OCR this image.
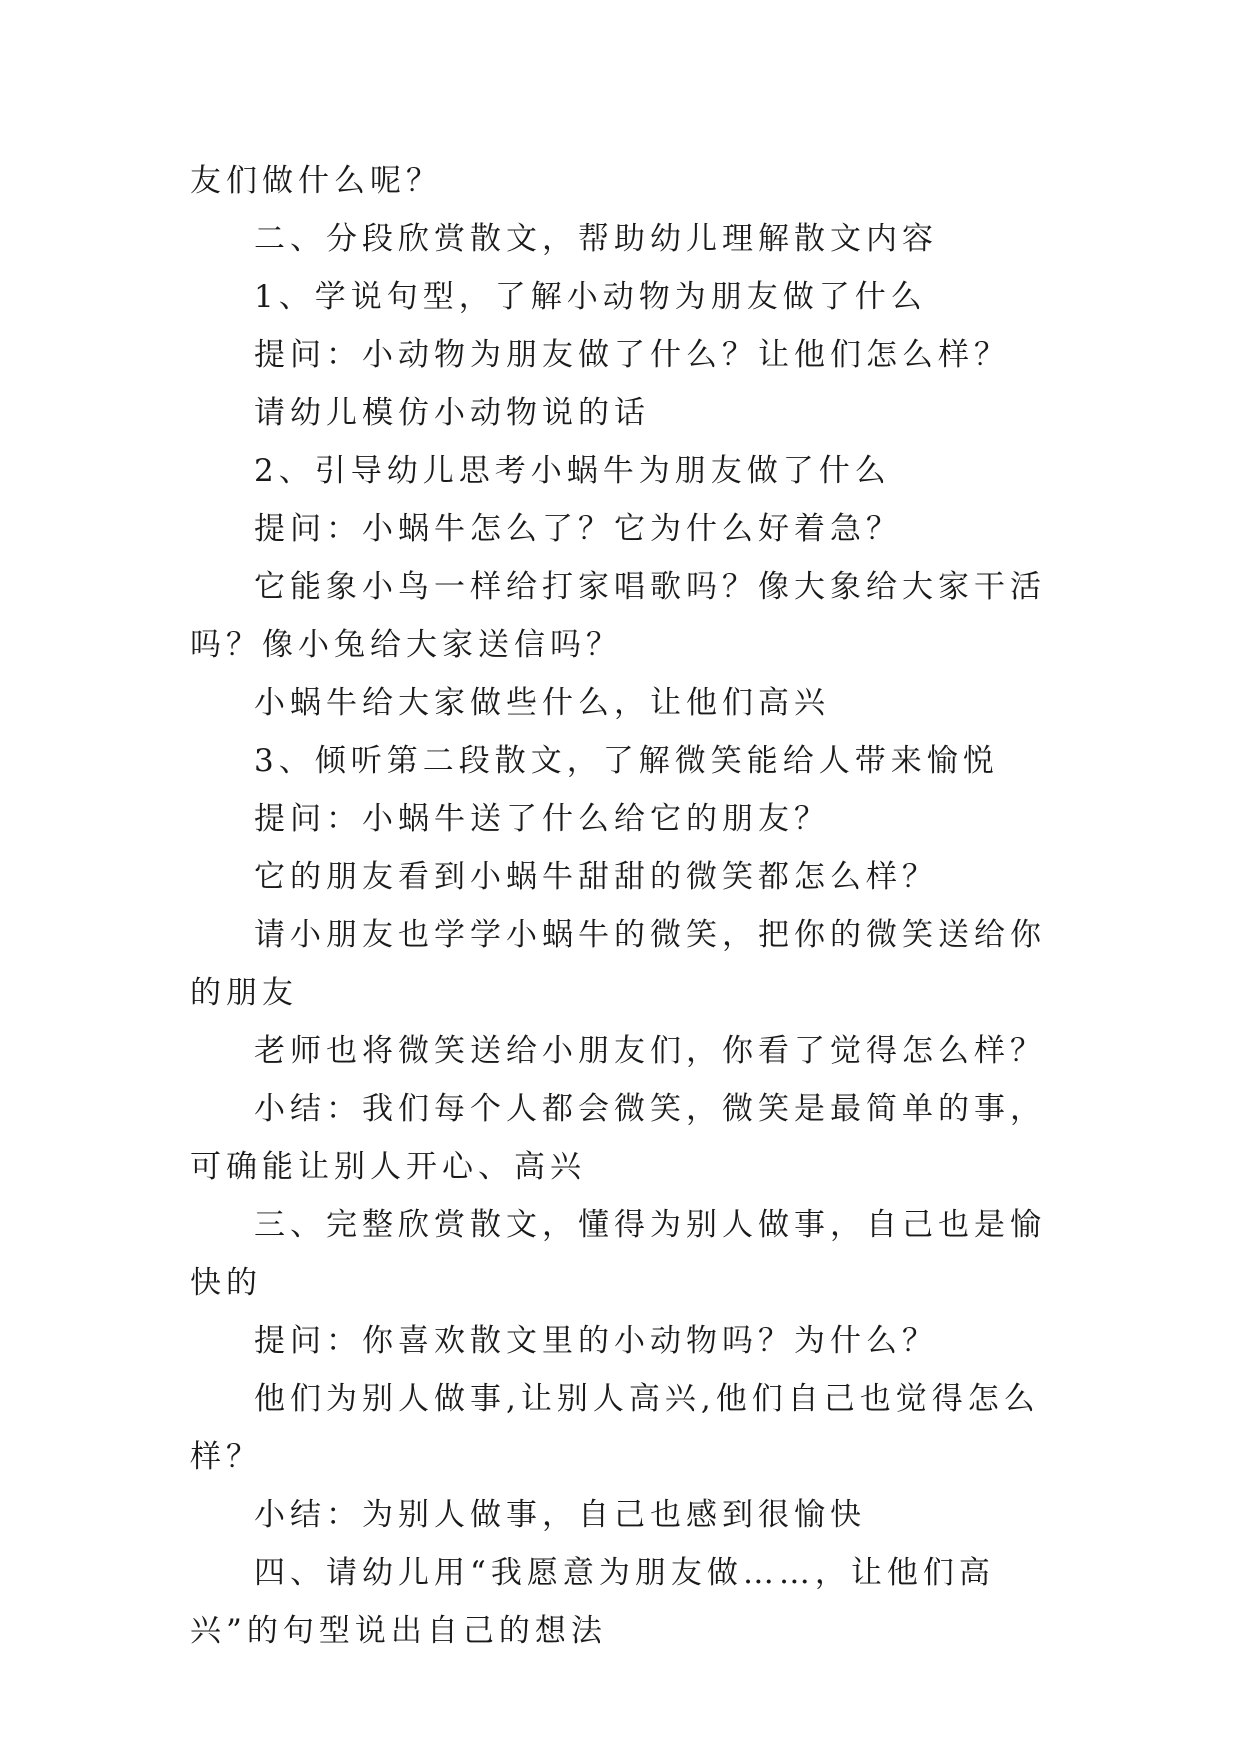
友们做什么呢？

二、分段欣赏散文，帮助幼儿理解散文内容

1、学说句型，了解小动物为朋友做了什么

提问：小动物为朋友做了什么？让他们怎么样？

请幼儿模仿小动物说的话

2、引导幼儿思考小蜗牛为朋友做了什么

提问：小蜗牛怎么了？它为什么好着急？

它能象小鸟一样给打家唱歌吗？像大象给大家干活吗？像小兔给大家送信吗？

小蜗牛给大家做些什么，让他们高兴

3、倾听第二段散文，了解微笑能给人带来愉悦

提问：小蜗牛送了什么给它的朋友？

它的朋友看到小蜗牛甜甜的微笑都怎么样？

请小朋友也学学小蜗牛的微笑，把你的微笑送给你的朋友

老师也将微笑送给小朋友们，你看了觉得怎么样？

小结：我们每个人都会微笑，微笑是最简单的事，可确能让别人开心、高兴

三、完整欣赏散文，懂得为别人做事，自己也是愉快的

提问：你喜欢散文里的小动物吗？为什么？

他们为别人做事,让别人高兴,他们自己也觉得怎么样？

小结：为别人做事，自己也感到很愉快

四、请幼儿用“我愿意为朋友做……，让他们高兴”的句型说出自己的想法
